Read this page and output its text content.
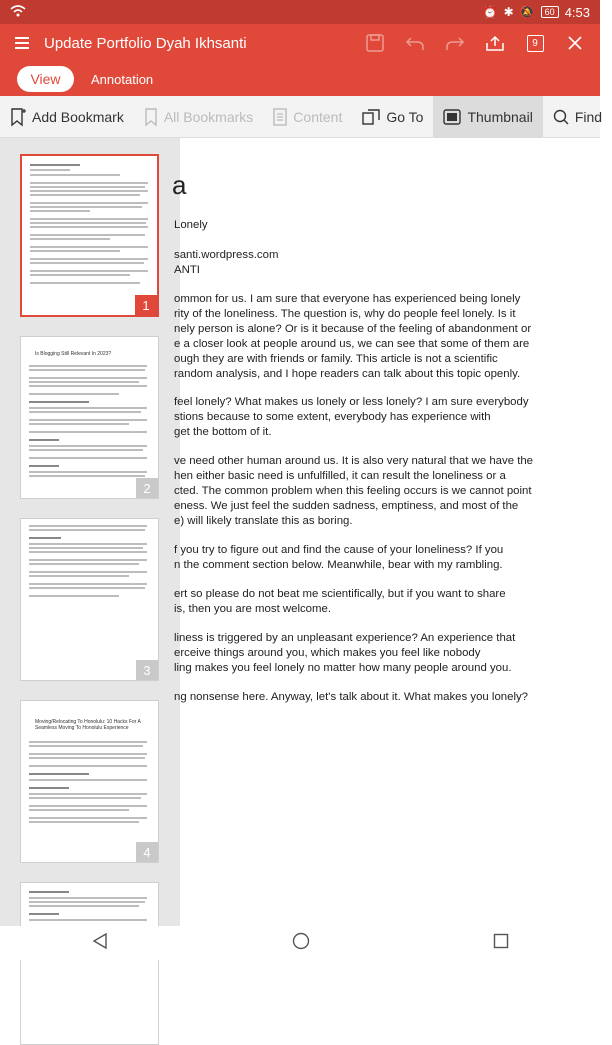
⏰ ✱ 🔕	60 4:53
Update Portfolio Dyah Ikhsanti	9
View	Annotation
Add Bookmark	All Bookmarks	Content	Go To	Thumbnail	Find
1
Is Blogging Still Relevant In 2023?
2
3
Moving/Relocating To Honolulu: 10 Hacks For A Seamless Moving To Honolulu Experience
4
a
Lonely
santi.wordpress.com
ANTI
ommon for us. I am sure that everyone has experienced being lonely
rity of the loneliness. The question is, why do people feel lonely. Is it
nely person is alone? Or is it because of the feeling of abandonment or
e a closer look at people around us, we can see that some of them are
ough they are with friends or family. This article is not a scientific
random analysis, and I hope readers can talk about this topic openly.
feel lonely? What makes us lonely or less lonely? I am sure everybody
stions because to some extent, everybody has experience with
get the bottom of it.
ve need other human around us. It is also very natural that we have the
hen either basic need is unfulfilled, it can result the loneliness or a
cted. The common problem when this feeling occurs is we cannot point
eness. We just feel the sudden sadness, emptiness, and most of the
e) will likely translate this as boring.
f you try to figure out and find the cause of your loneliness? If you
n the comment section below. Meanwhile, bear with my rambling.
ert so please do not beat me scientifically, but if you want to share
is, then you are most welcome.
liness is triggered by an unpleasant experience? An experience that
erceive things around you, which makes you feel like nobody
ling makes you feel lonely no matter how many people around you.
ng nonsense here. Anyway, let's talk about it. What makes you lonely?
